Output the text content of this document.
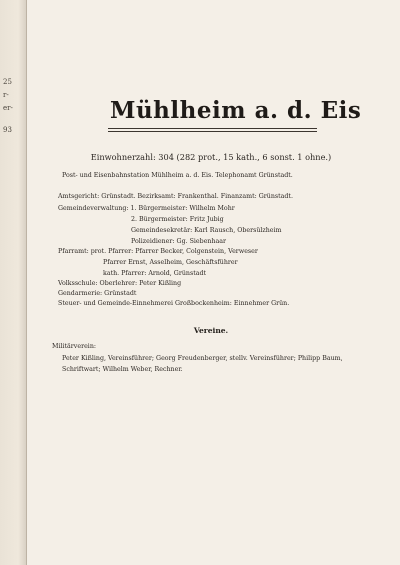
25
r-
er-
93
Mühlheim a. d. Eis
Einwohnerzahl: 304 (282 prot., 15 kath., 6 sonst. 1 ohne.)
Post- und Eisenbahnstation Mühlheim a. d. Eis. Telephonamt Grünstadt.
Amtsgericht: Grünstadt. Bezirksamt: Frankenthal. Finanzamt: Grünstadt.
Gemeindeverwaltung: 1. Bürgermeister: Wilhelm Mohr
2. Bürgermeister: Fritz Jubig
Gemeindesekretär: Karl Rausch, Obersülzheim
Polizeidiener: Gg. Siebenhaar
Pfarramt: prot. Pfarrer: Pfarrer Becker, Colgenstein, Verweser
Pfarrer Ernst, Asselheim, Geschäftsführer
kath. Pfarrer: Arnold, Grünstadt
Volksschule: Oberlehrer: Peter Kißling
Gendarmerie: Grünstadt
Steuer- und Gemeinde-Einnehmerei Großbockenheim: Einnehmer Grün.
Vereine.
Militärverein:
Peter Kißling, Vereinsführer; Georg Freudenberger, stellv. Vereinsführer; Philipp Baum, Schriftwart; Wilhelm Weber, Rechner.
